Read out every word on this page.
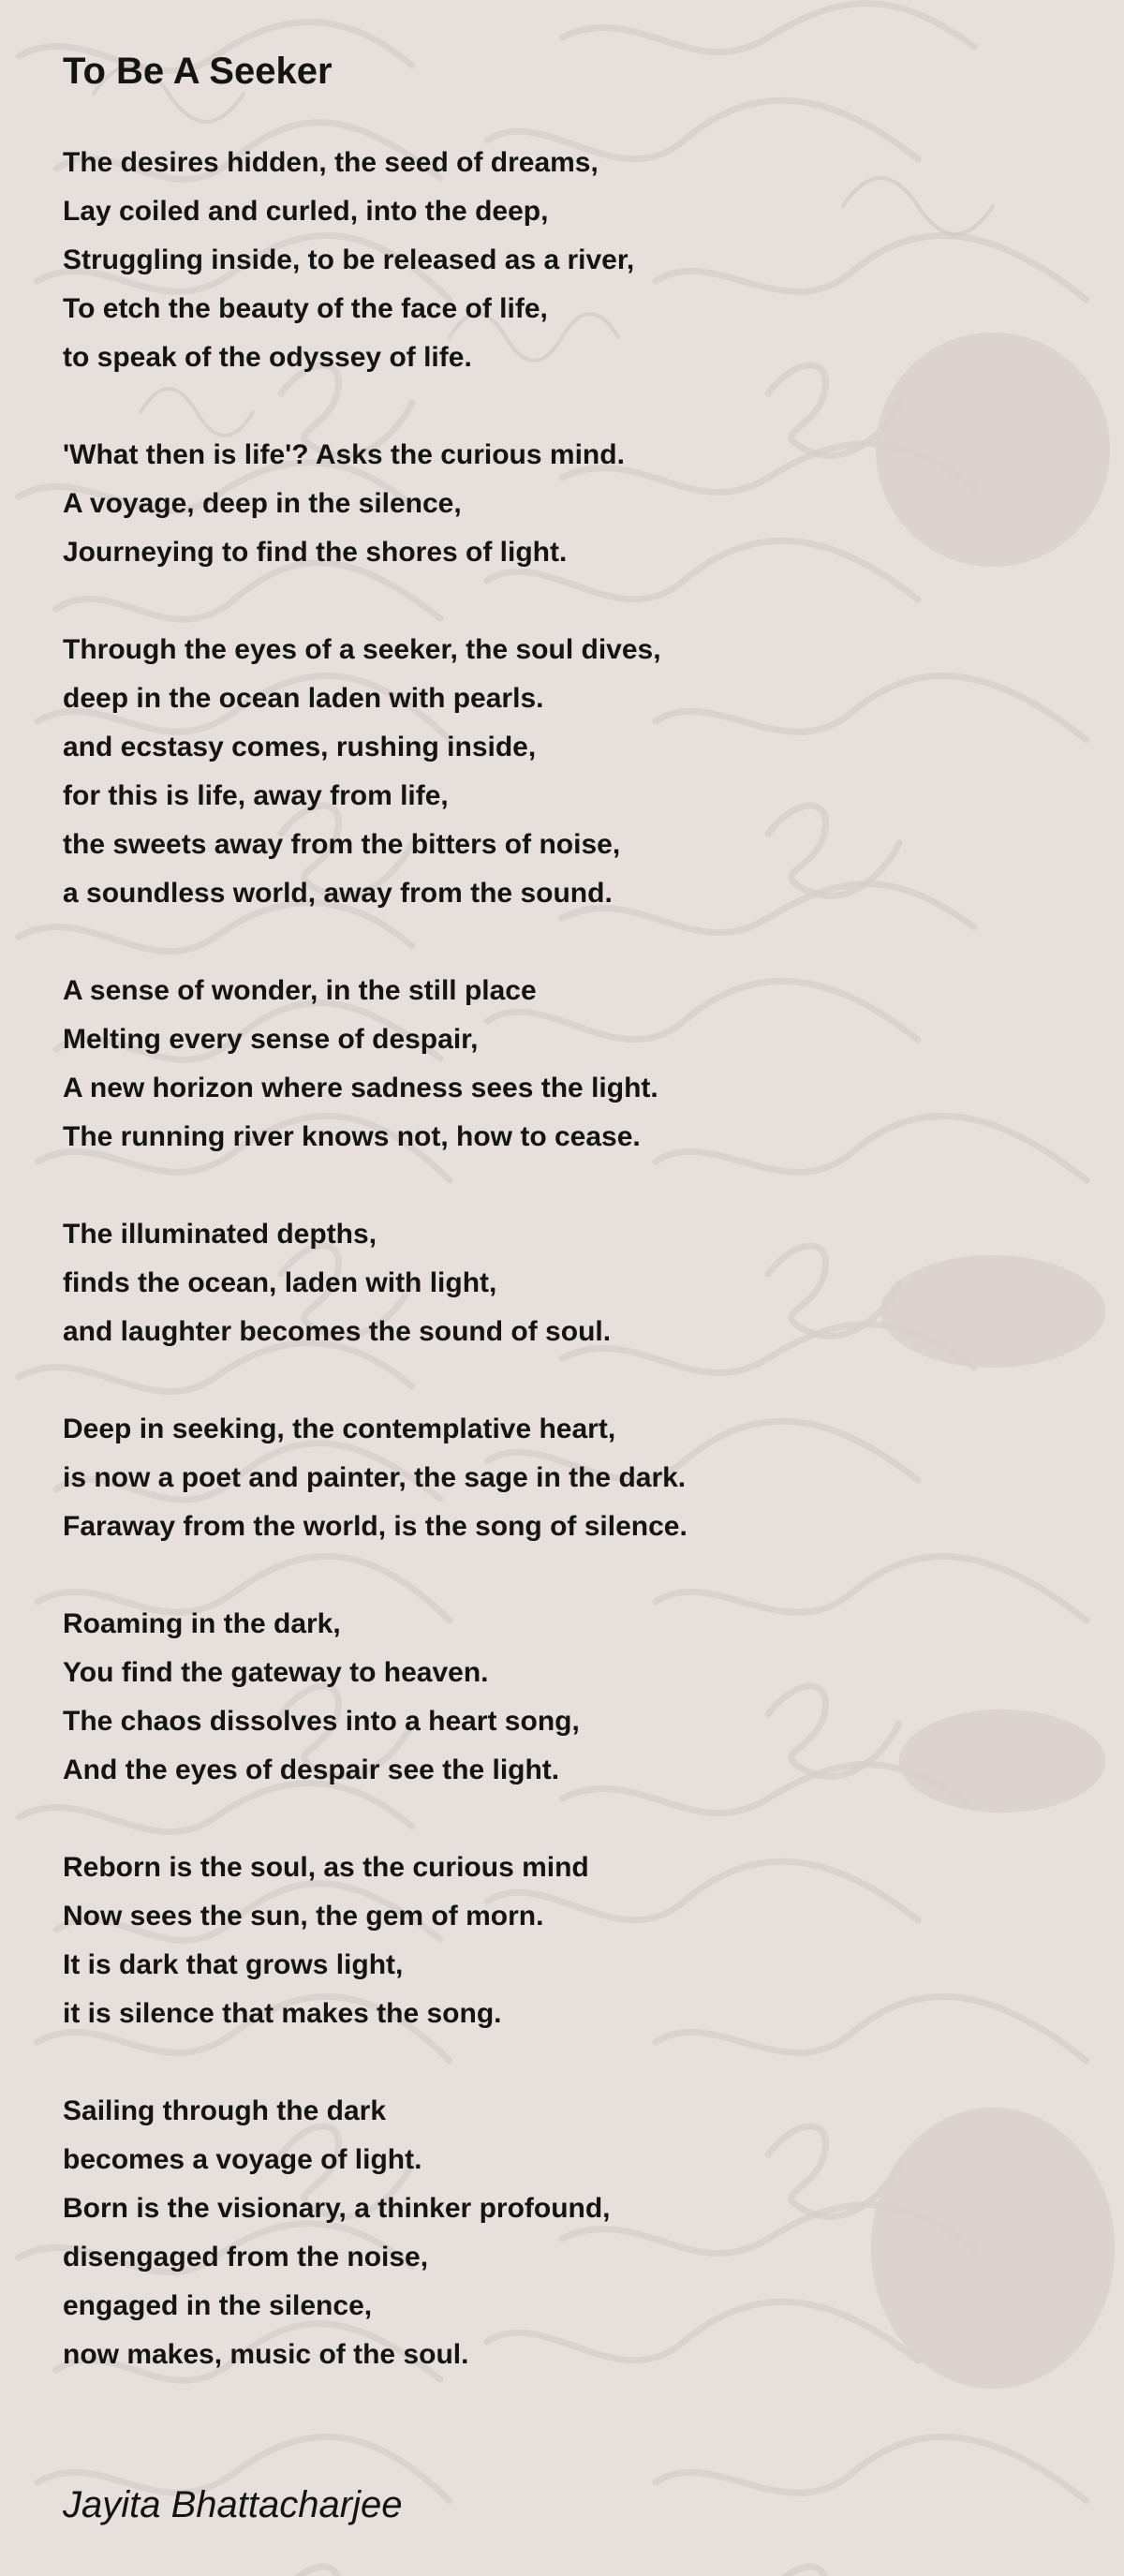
To Be A Seeker
The desires hidden, the seed of dreams,
Lay coiled and curled, into the deep,
Struggling inside, to be released as a river,
To etch the beauty of the face of life,
to speak of the odyssey of life.
'What then is life'? Asks the curious mind.
A voyage, deep in the silence,
Journeying to find the shores of light.
Through the eyes of a seeker, the soul dives,
deep in the ocean laden with pearls.
and ecstasy comes, rushing inside,
for this is life, away from life,
the sweets away from the bitters of noise,
a soundless world, away from the sound.
A sense of wonder, in the still place
Melting every sense of despair,
A new horizon where sadness sees the light.
The running river knows not, how to cease.
The illuminated depths,
finds the ocean, laden with light,
and laughter becomes the sound of soul.
Deep in seeking, the contemplative heart,
is now a poet and painter, the sage in the dark.
Faraway from the world, is the song of silence.
Roaming in the dark,
You find the gateway to heaven.
The chaos dissolves into a heart song,
And the eyes of despair see the light.
Reborn is the soul, as the curious mind
Now sees the sun, the gem of morn.
It is dark that grows light,
it is silence that makes the song.
Sailing through the dark
becomes a voyage of light.
Born is the visionary, a thinker profound,
disengaged from the noise,
engaged in the silence,
now makes, music of the soul.
Jayita Bhattacharjee
